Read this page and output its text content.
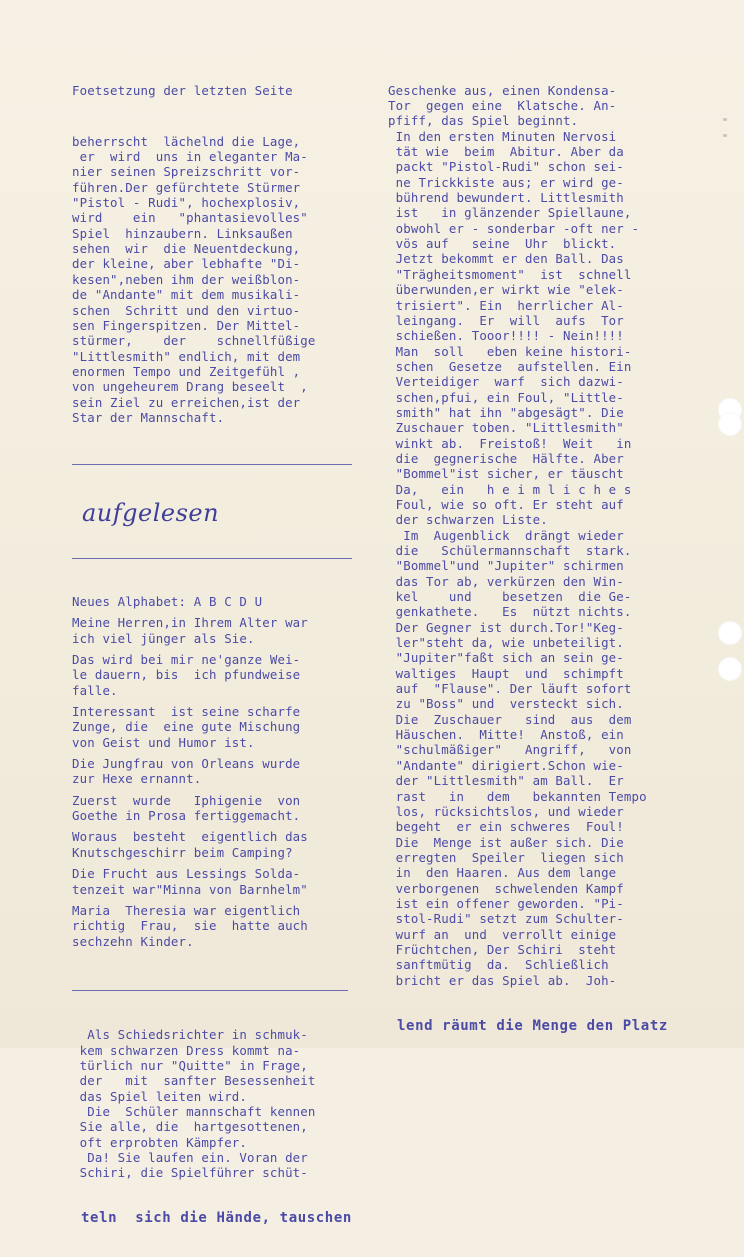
Foetsetzung der letzten Seite

beherrscht  lächelnd die Lage,
er  wird  uns in eleganter Ma-
nier seinen Spreizschritt vor-
führen.Der gefürchtete Stürmer
"Pistol - Rudi", hochexplosiv,
wird    ein   "phantasievolles"
Spiel  hinzaubern. Linksaußen
sehen  wir  die Neuentdeckung,
der kleine, aber lebhafte "Di-
kesen",neben ihm der weißblon-
de "Andante" mit dem musikali-
schen  Schritt und den virtuo-
sen Fingerspitzen. Der Mittel-
stürmer,    der    schnellfüßige
"Littlesmith" endlich, mit dem
enormen Tempo und Zeitgefühl ,
von ungeheurem Drang beseelt  ,
sein Ziel zu erreichen,ist der
Star der Mannschaft.

aufgelesen

Neues Alphabet: A B C D U
Meine Herren,in Ihrem Alter war
ich viel jünger als Sie.
Das wird bei mir ne'ganze Wei-
le dauern, bis  ich pfundweise
falle.
Interessant  ist seine scharfe
Zunge, die  eine gute Mischung
von Geist und Humor ist.
Die Jungfrau von Orleans wurde
zur Hexe ernannt.
Zuerst  wurde   Iphigenie  von
Goethe in Prosa fertiggemacht.
Woraus  besteht  eigentlich das
Knutschgeschirr beim Camping?
Die Frucht aus Lessings Solda-
tenzeit war"Minna von Barnhelm"
Maria  Theresia war eigentlich
richtig  Frau,  sie  hatte auch
sechzehn Kinder.

Als Schiedsrichter in schmuk-
kem schwarzen Dress kommt na-
türlich nur "Quitte" in Frage,
der   mit  sanfter Besessenheit
das Spiel leiten wird.
Die  Schüler mannschaft kennen
Sie alle, die  hartgesottenen,
oft erprobten Kämpfer.
Da! Sie laufen ein. Voran der
Schiri, die Spielführer schüt-

teln  sich die Hände, tauschen

Geschenke aus, einen Kondensa-
Tor  gegen eine  Klatsche. An-
pfiff, das Spiel beginnt.
In den ersten Minuten Nervosi
tät wie  beim  Abitur. Aber da
packt "Pistol-Rudi" schon sei-
ne Trickkiste aus; er wird ge-
bührend bewundert. Littlesmith
ist   in glänzender Spiellaune,
obwohl er - sonderbar -oft ner -
vös auf   seine  Uhr  blickt.
Jetzt bekommt er den Ball. Das
"Trägheitsmoment"  ist  schnell
überwunden,er wirkt wie "elek-
trisiert". Ein  herrlicher Al-
leingang.  Er  will  aufs  Tor
schießen. Tooor!!!! - Nein!!!!
Man  soll   eben keine histori-
schen  Gesetze  aufstellen. Ein
Verteidiger  warf  sich dazwi-
schen,pfui, ein Foul, "Little-
smith" hat ihn "abgesägt". Die
Zuschauer toben. "Littlesmith"
winkt ab.  Freistoß!  Weit   in
die  gegnerische  Hälfte. Aber
"Bommel"ist sicher, er täuscht
Da,   ein   h e i m l i c h e s
Foul, wie so oft. Er steht auf
der schwarzen Liste.
Im  Augenblick  drängt wieder
die   Schülermannschaft  stark.
"Bommel"und "Jupiter" schirmen
das Tor ab, verkürzen den Win-
kel    und    besetzen  die Ge-
genkathete.   Es  nützt nichts.
Der Gegner ist durch.Tor!"Keg-
ler"steht da, wie unbeteiligt.
"Jupiter"faßt sich an sein ge-
waltiges  Haupt  und  schimpft
auf  "Flause". Der läuft sofort
zu "Boss" und  versteckt sich.
Die  Zuschauer   sind  aus  dem
Häuschen.  Mitte!  Anstoß, ein
"schulmäßiger"   Angriff,   von
"Andante" dirigiert.Schon wie-
der "Littlesmith" am Ball.  Er
rast   in   dem   bekannten Tempo
los, rücksichtslos, und wieder
begeht  er ein schweres  Foul!
Die  Menge ist außer sich. Die
erregten  Speiler  liegen sich
in  den Haaren. Aus dem lange
verborgenen  schwelenden Kampf
ist ein offener geworden. "Pi-
stol-Rudi" setzt zum Schulter-
wurf an  und  verrollt einige
Früchtchen, Der Schiri  steht
sanftmütig  da.  Schließlich
bricht er das Spiel ab.  Joh-

lend räumt die Menge den Platz
